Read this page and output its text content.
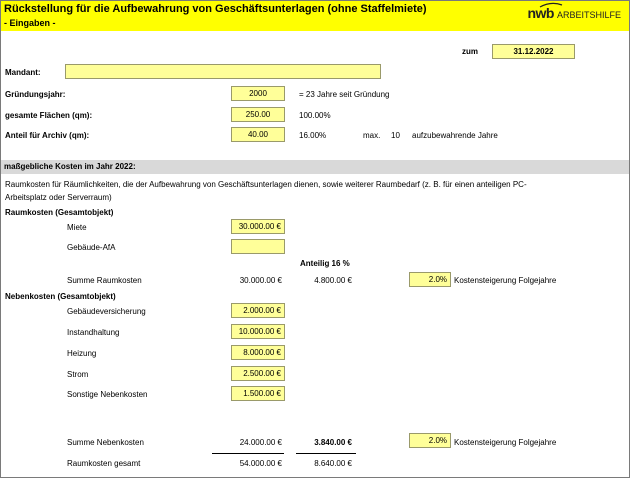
Rückstellung für die Aufbewahrung von Geschäftsunterlagen (ohne Staffelmiete)
- Eingaben -
nwb ARBEITSHILFE
zum	31.12.2022
Mandant:
Gründungsjahr:	2000	= 23 Jahre seit Gründung
gesamte Flächen (qm):	250.00	100.00%
Anteil für Archiv (qm):	40.00	16.00%	max. 10 aufzubewahrende Jahre
maßgebliche Kosten im Jahr 2022:
Raumkosten für Räumlichkeiten, die der Aufbewahrung von Geschäftsunterlagen dienen, sowie weiterer Raumbedarf (z. B. für einen anteiligen PC-
Arbeitsplatz oder Serverraum)
Raumkosten (Gesamtobjekt)
Miete	30.000.00 €
Gebäude-AfA
Anteilig 16 %
Summe Raumkosten	30.000.00 €	4.800.00 €	2.0% Kostensteigerung Folgejahre
Nebenkosten (Gesamtobjekt)
Gebäudeversicherung	2.000.00 €
Instandhaltung	10.000.00 €
Heizung	8.000.00 €
Strom	2.500.00 €
Sonstige Nebenkosten	1.500.00 €
Summe Nebenkosten	24.000.00 €	3.840.00 €	2.0% Kostensteigerung Folgejahre
Raumkosten gesamt	54.000.00 €	8.640.00 €
